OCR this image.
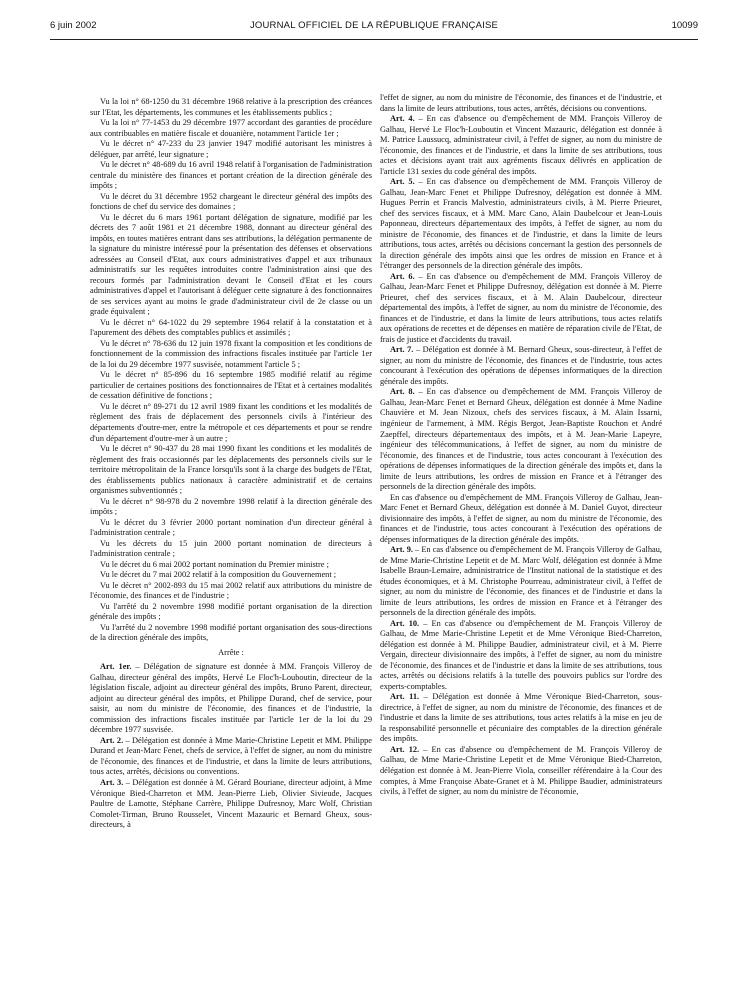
6 juin 2002	JOURNAL OFFICIEL DE LA RÉPUBLIQUE FRANÇAISE	10099

Vu la loi n° 68-1250 du 31 décembre 1968 relative à la prescription des créances sur l'Etat, les départements, les communes et les établissements publics ;

Vu la loi n° 77-1453 du 29 décembre 1977 accordant des garanties de procédure aux contribuables en matière fiscale et douanière, notamment l'article 1er ;

Vu le décret n° 47-233 du 23 janvier 1947 modifié autorisant les ministres à déléguer, par arrêté, leur signature ;

Vu le décret n° 48-689 du 16 avril 1948 relatif à l'organisation de l'administration centrale du ministère des finances et portant création de la direction générale des impôts ;

Vu le décret du 31 décembre 1952 chargeant le directeur général des impôts des fonctions de chef du service des domaines ;

Vu le décret du 6 mars 1961 portant délégation de signature, modifié par les décrets des 7 août 1981 et 21 décembre 1988, donnant au directeur général des impôts, en toutes matières entrant dans ses attributions, la délégation permanente de la signature du ministre intéressé pour la présentation des défenses et observations adressées au Conseil d'Etat, aux cours administratives d'appel et aux tribunaux administratifs sur les requêtes introduites contre l'administration ainsi que des recours formés par l'administration devant le Conseil d'Etat et les cours administratives d'appel et l'autorisant à déléguer cette signature à des fonctionnaires de ses services ayant au moins le grade d'administrateur civil de 2e classe ou un grade équivalent ;

Vu le décret n° 64-1022 du 29 septembre 1964 relatif à la constatation et à l'apurement des débets des comptables publics et assimilés ;

Vu le décret n° 78-636 du 12 juin 1978 fixant la composition et les conditions de fonctionnement de la commission des infractions fiscales instituée par l'article 1er de la loi du 29 décembre 1977 susvisée, notamment l'article 5 ;

Vu le décret n° 85-896 du 16 septembre 1985 modifié relatif au régime particulier de certaines positions des fonctionnaires de l'Etat et à certaines modalités de cessation définitive de fonctions ;

Vu le décret n° 89-271 du 12 avril 1989 fixant les conditions et les modalités de règlement des frais de déplacement des personnels civils à l'intérieur des départements d'outre-mer, entre la métropole et ces départements et pour se rendre d'un département d'outre-mer à un autre ;

Vu le décret n° 90-437 du 28 mai 1990 fixant les conditions et les modalités de règlement des frais occasionnés par les déplacements des personnels civils sur le territoire métropolitain de la France lorsqu'ils sont à la charge des budgets de l'Etat, des établissements publics nationaux à caractère administratif et de certains organismes subventionnés ;

Vu le décret n° 98-978 du 2 novembre 1998 relatif à la direction générale des impôts ;

Vu le décret du 3 février 2000 portant nomination d'un directeur général à l'administration centrale ;

Vu les décrets du 15 juin 2000 portant nomination de directeurs à l'administration centrale ;

Vu le décret du 6 mai 2002 portant nomination du Premier ministre ;

Vu le décret du 7 mai 2002 relatif à la composition du Gouvernement ;

Vu le décret n° 2002-893 du 15 mai 2002 relatif aux attributions du ministre de l'économie, des finances et de l'industrie ;

Vu l'arrêté du 2 novembre 1998 modifié portant organisation de la direction générale des impôts ;

Vu l'arrêté du 2 novembre 1998 modifié portant organisation des sous-directions de la direction générale des impôts,

Arrête :

Art. 1er. – Délégation de signature est donnée à MM. François Villeroy de Galhau, directeur général des impôts, Hervé Le Floc'h-Louboutin, directeur de la législation fiscale, adjoint au directeur général des impôts, Bruno Parent, directeur, adjoint au directeur général des impôts, et Philippe Durand, chef de service, pour saisir, au nom du ministre de l'économie, des finances et de l'industrie, la commission des infractions fiscales instituée par l'article 1er de la loi du 29 décembre 1977 susvisée.

Art. 2. – Délégation est donnée à Mme Marie-Christine Lepetit et MM. Philippe Durand et Jean-Marc Fenet, chefs de service, à l'effet de signer, au nom du ministre de l'économie, des finances et de l'industrie, et dans la limite de leurs attributions, tous actes, arrêtés, décisions ou conventions.

Art. 3. – Délégation est donnée à M. Gérard Bouriane, directeur adjoint, à Mme Véronique Bied-Charreton et MM. Jean-Pierre Lieb, Olivier Sivieude, Jacques Paultre de Lamotte, Stéphane Carrère, Philippe Dufresnoy, Marc Wolf, Christian Comolet-Tirman, Bruno Rousselet, Vincent Mazauric et Bernard Gheux, sous-directeurs, à

l'effet de signer, au nom du ministre de l'économie, des finances et de l'industrie, et dans la limite de leurs attributions, tous actes, arrêtés, décisions ou conventions.

Art. 4. – En cas d'absence ou d'empêchement de MM. François Villeroy de Galhau, Hervé Le Floc'h-Louboutin et Vincent Mazauric, délégation est donnée à M. Patrice Laussucq, administrateur civil, à l'effet de signer, au nom du ministre de l'économie, des finances et de l'industrie, et dans la limite de ses attributions, tous actes et décisions ayant trait aux agréments fiscaux délivrés en application de l'article 131 sexies du code général des impôts.

Art. 5. – En cas d'absence ou d'empêchement de MM. François Villeroy de Galhau, Jean-Marc Fenet et Philippe Dufresnoy, délégation est donnée à MM. Hugues Perrin et Francis Malvestio, administrateurs civils, à M. Pierre Prieuret, chef des services fiscaux, et à MM. Marc Cano, Alain Daubelcour et Jean-Louis Paponneau, directeurs départementaux des impôts, à l'effet de signer, au nom du ministre de l'économie, des finances et de l'industrie, et dans la limite de leurs attributions, tous actes, arrêtés ou décisions concernant la gestion des personnels de la direction générale des impôts ainsi que les ordres de mission en France et à l'étranger des personnels de la direction générale des impôts.

Art. 6. – En cas d'absence ou d'empêchement de MM. François Villeroy de Galhau, Jean-Marc Fenet et Philippe Dufresnoy, délégation est donnée à M. Pierre Prieuret, chef des services fiscaux, et à M. Alain Daubelcour, directeur départemental des impôts, à l'effet de signer, au nom du ministre de l'économie, des finances et de l'industrie, et dans la limite de leurs attributions, tous actes relatifs aux opérations de recettes et de dépenses en matière de réparation civile de l'Etat, de frais de justice et d'accidents du travail.

Art. 7. – Délégation est donnée à M. Bernard Gheux, sous-directeur, à l'effet de signer, au nom du ministre de l'économie, des finances et de l'industrie, tous actes concourant à l'exécution des opérations de dépenses informatiques de la direction générale des impôts.

Art. 8. – En cas d'absence ou d'empêchement de MM. François Villeroy de Galhau, Jean-Marc Fenet et Bernard Gheux, délégation est donnée à Mme Nadine Chauvière et M. Jean Nizoux, chefs des services fiscaux, à M. Alain Issarni, ingénieur de l'armement, à MM. Régis Bergot, Jean-Baptiste Rouchon et André Zaepffel, directeurs départementaux des impôts, et à M. Jean-Marie Lapeyre, ingénieur des télécommunications, à l'effet de signer, au nom du ministre de l'économie, des finances et de l'industrie, tous actes concourant à l'exécution des opérations de dépenses informatiques de la direction générale des impôts et, dans la limite de leurs attributions, les ordres de mission en France et à l'étranger des personnels de la direction générale des impôts.

En cas d'absence ou d'empêchement de MM. François Villeroy de Galhau, Jean-Marc Fenet et Bernard Gheux, délégation est donnée à M. Daniel Guyot, directeur divisionnaire des impôts, à l'effet de signer, au nom du ministre de l'économie, des finances et de l'industrie, tous actes concourant à l'exécution des opérations de dépenses informatiques de la direction générale des impôts.

Art. 9. – En cas d'absence ou d'empêchement de M. François Villeroy de Galhau, de Mme Marie-Christine Lepetit et de M. Marc Wolf, délégation est donnée à Mme Isabelle Braun-Lemaire, administratrice de l'Institut national de la statistique et des études économiques, et à M. Christophe Pourreau, administrateur civil, à l'effet de signer, au nom du ministre de l'économie, des finances et de l'industrie et dans la limite de leurs attributions, les ordres de mission en France et à l'étranger des personnels de la direction générale des impôts.

Art. 10. – En cas d'absence ou d'empêchement de M. François Villeroy de Galhau, de Mme Marie-Christine Lepetit et de Mme Véronique Bied-Charreton, délégation est donnée à M. Philippe Baudier, administrateur civil, et à M. Pierre Vergain, directeur divisionnaire des impôts, à l'effet de signer, au nom du ministre de l'économie, des finances et de l'industrie et dans la limite de ses attributions, tous actes, arrêtés ou décisions relatifs à la tutelle des pouvoirs publics sur l'ordre des experts-comptables.

Art. 11. – Délégation est donnée à Mme Véronique Bied-Charreton, sous-directrice, à l'effet de signer, au nom du ministre de l'économie, des finances et de l'industrie et dans la limite de ses attributions, tous actes relatifs à la mise en jeu de la responsabilité personnelle et pécuniaire des comptables de la direction générale des impôts.

Art. 12. – En cas d'absence ou d'empêchement de M. François Villeroy de Galhau, de Mme Marie-Christine Lepetit et de Mme Véronique Bied-Charreton, délégation est donnée à M. Jean-Pierre Viola, conseiller référendaire à la Cour des comptes, à Mme Françoise Abate-Granet et à M. Philippe Baudier, administrateurs civils, à l'effet de signer, au nom du ministre de l'économie,
